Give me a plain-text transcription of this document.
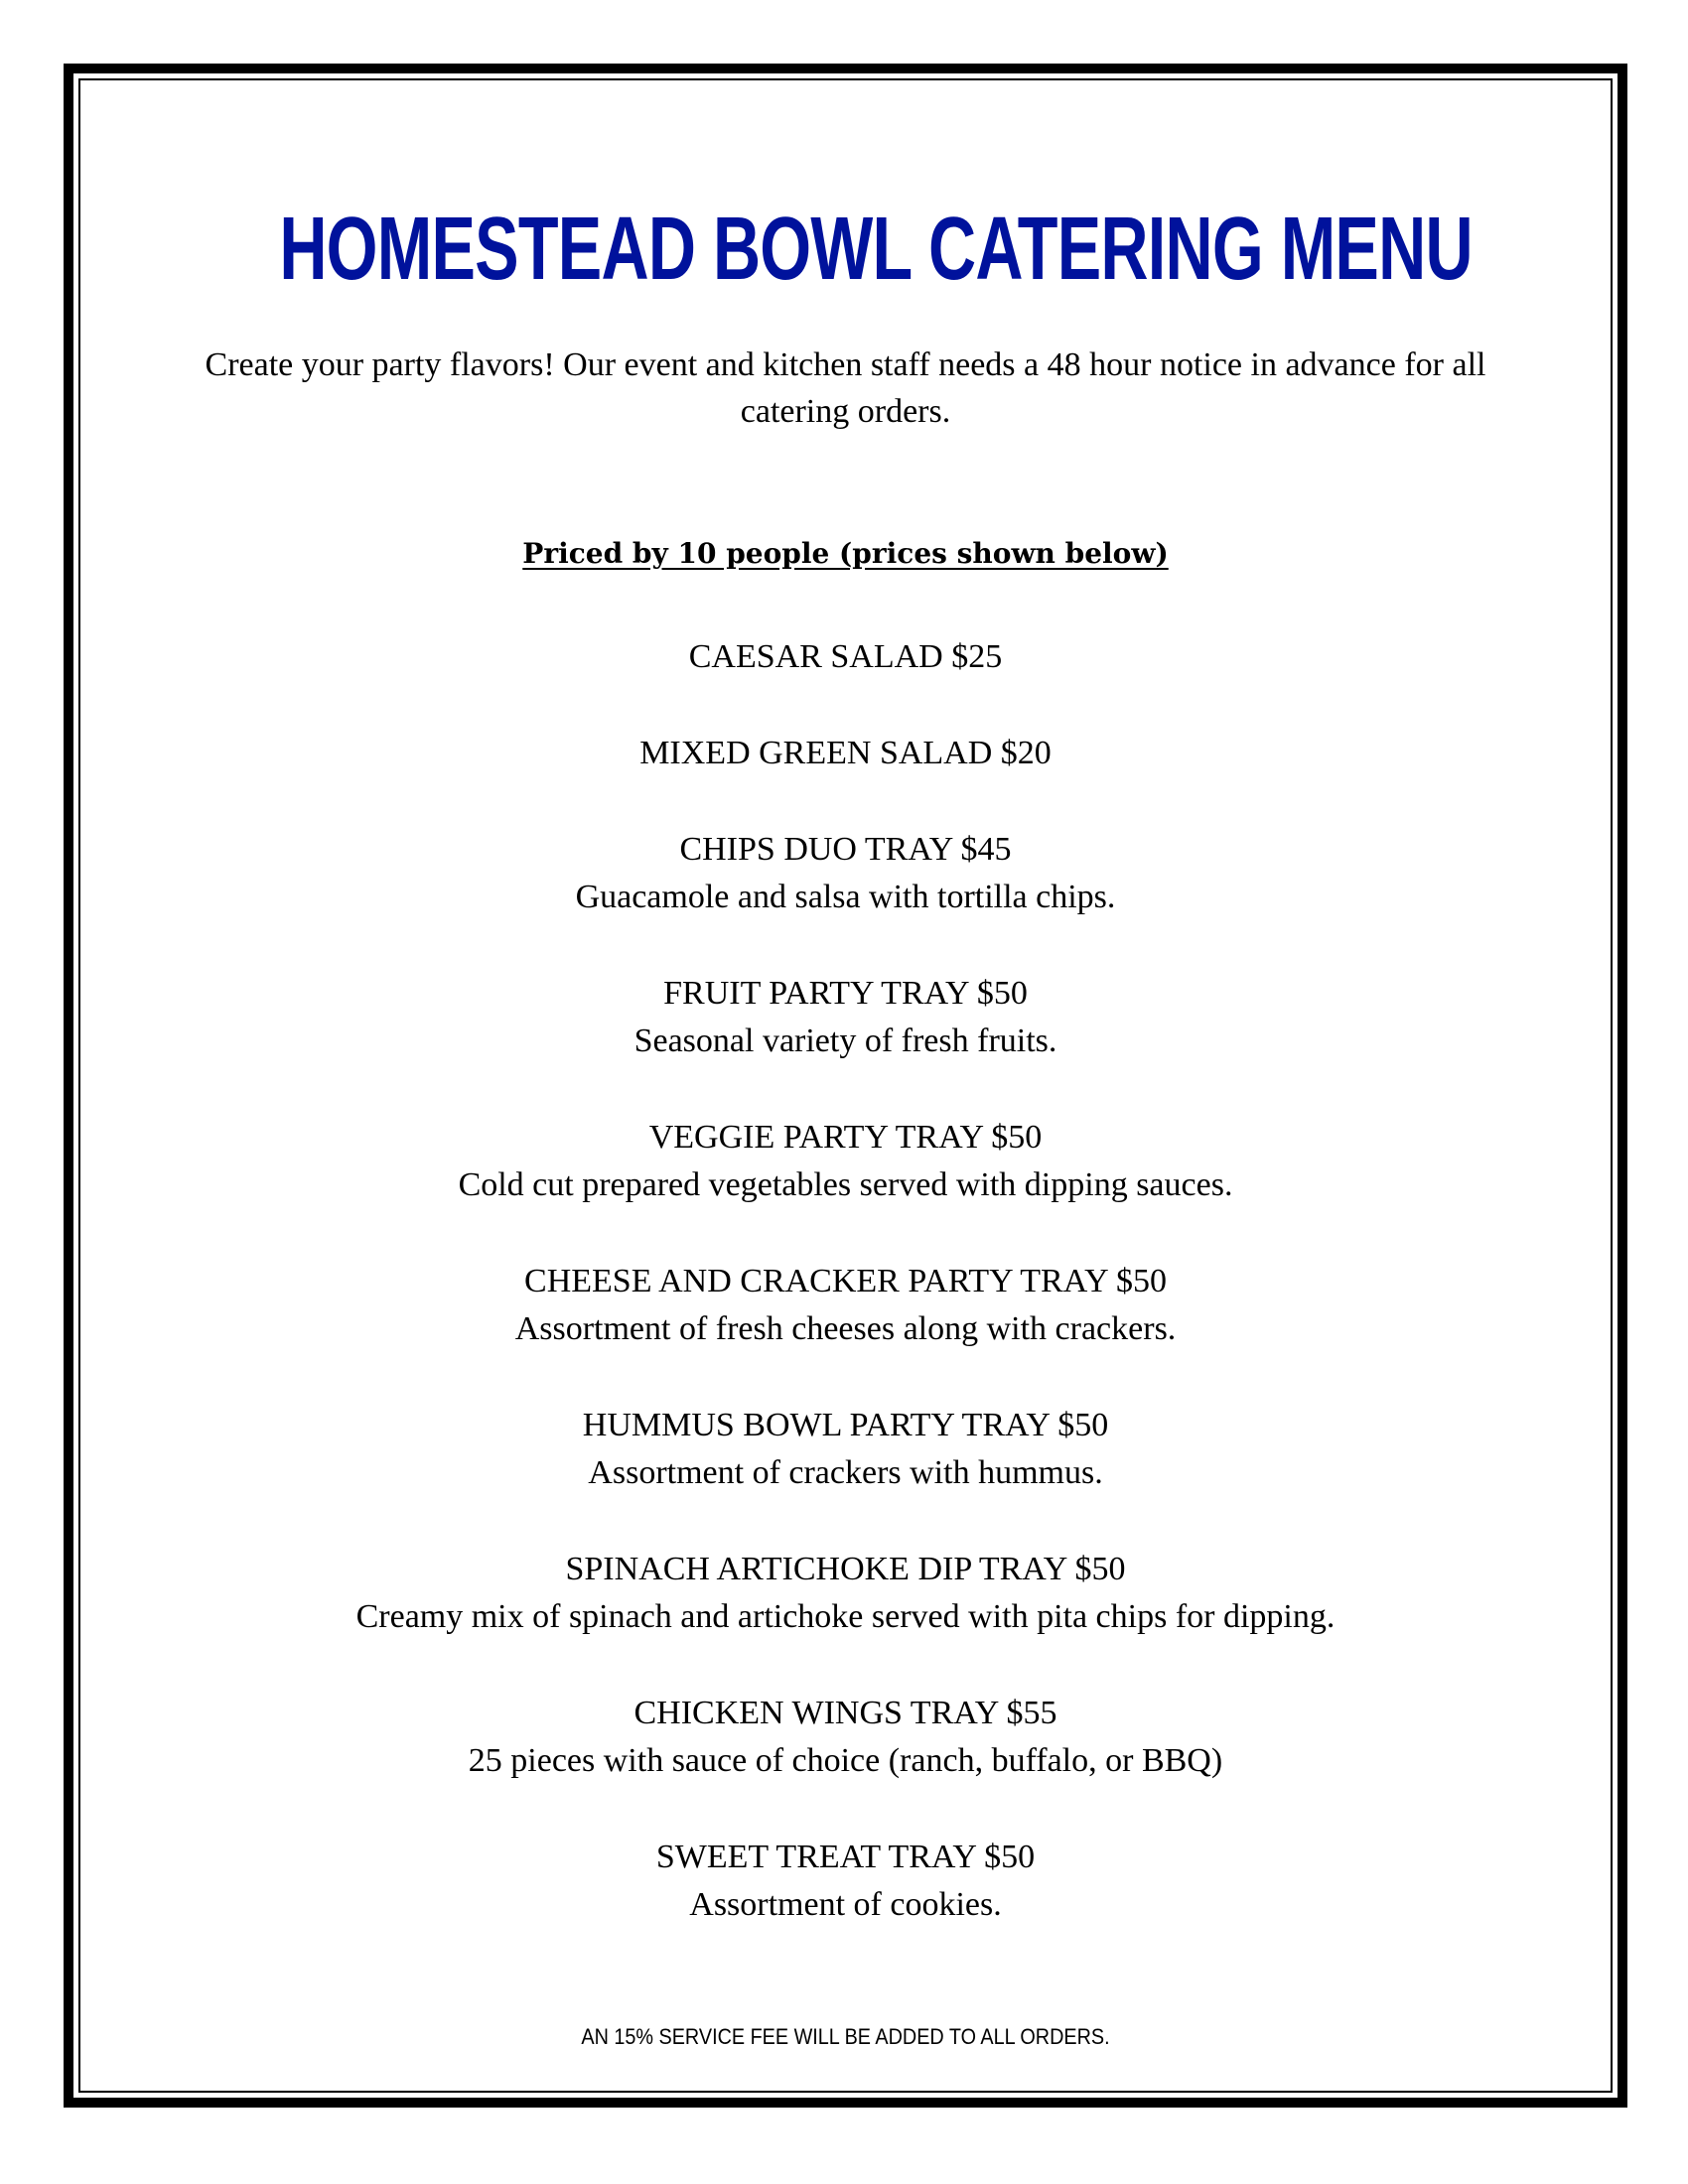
HOMESTEAD BOWL CATERING MENU

Create your party flavors! Our event and kitchen staff needs a 48 hour notice in advance for all catering orders.

Priced by 10 people (prices shown below)

CAESAR SALAD $25
MIXED GREEN SALAD $20
CHIPS DUO TRAY $45
Guacamole and salsa with tortilla chips.
FRUIT PARTY TRAY $50
Seasonal variety of fresh fruits.
VEGGIE PARTY TRAY $50
Cold cut prepared vegetables served with dipping sauces.
CHEESE AND CRACKER PARTY TRAY $50
Assortment of fresh cheeses along with crackers.
HUMMUS BOWL PARTY TRAY $50
Assortment of crackers with hummus.
SPINACH ARTICHOKE DIP TRAY $50
Creamy mix of spinach and artichoke served with pita chips for dipping.
CHICKEN WINGS TRAY $55
25 pieces with sauce of choice (ranch, buffalo, or BBQ)
SWEET TREAT TRAY $50
Assortment of cookies.

AN 15% SERVICE FEE WILL BE ADDED TO ALL ORDERS.
